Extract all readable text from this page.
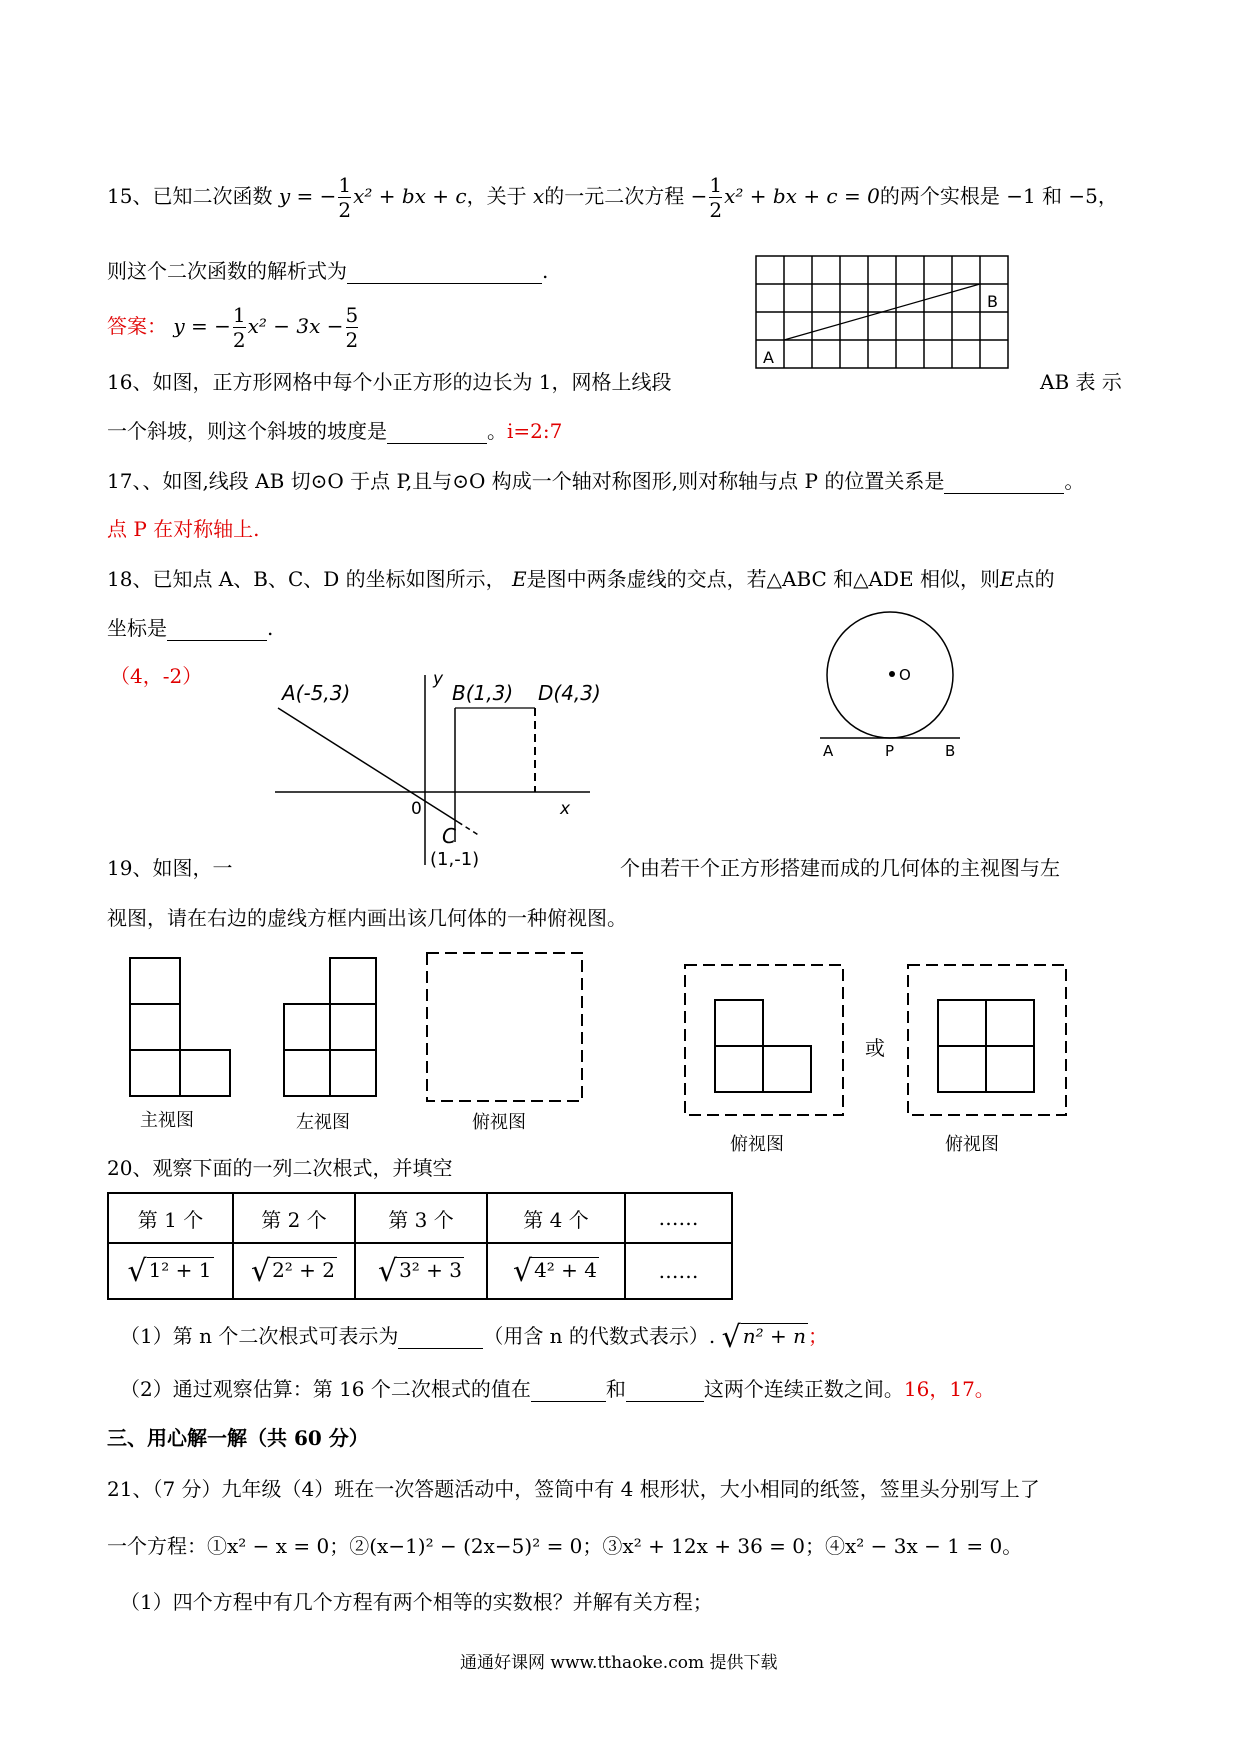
15、已知二次函数 y = − $\frac{1}{2} x^2$ + bx + c，关于 x的一元二次方程 − $\frac{1}{2} x^2$ + bx + c = 0的两个实根是 −1 和 −5，
则这个二次函数的解析式为	.
答案： y = − $\frac{1}{2} x^2 - 3x - \frac{5}{2}$
A
B
16、如图，正方形网格中每个小正方形的边长为 1，网格上线段	AB 表 示
一个斜坡，则这个斜坡的坡度是	。i=2:7
17、、如图,线段 AB 切⊙O 于点 P,且与⊙O 构成一个轴对称图形,则对称轴与点 P 的位置关系是	。
点 P 在对称轴上.
18、已知点 A、B、C、D 的坐标如图所示， E是图中两条虚线的交点，若△ABC 和△ADE 相似，则E点的
坐标是	.
（4，-2）	O
A	P	B
A(-5,3)
y
B(1,3) D(4,3)
0	x
C
(1,-1)
19、如图，一	个由若干个正方形搭建而成的几何体的主视图与左
视图，请在右边的虚线方框内画出该几何体的一种俯视图。
主视图	左视图	俯视图
或
俯视图	俯视图
20、观察下面的一列二次根式，并填空
第 1 个	第 2 个	第 3 个	第 4 个	……
√ 1² + 1	√ 2² + 2	√ 3² + 3	√ 4² + 4	……
（1）第 n 个二次根式可表示为	（用含 n 的代数式表示）. √ n² + n ；
（2）通过观察估算：第 16 个二次根式的值在	和	这两个连续正数之间。16，17。
三、用心解一解（共 60 分）
21、（7 分）九年级（4）班在一次答题活动中，签筒中有 4 根形状，大小相同的纸签，签里头分别写上了
一个方程：①x² − x = 0；②(x−1)² − (2x−5)² = 0；③x² + 12x + 36 = 0；④x² − 3x − 1 = 0。
（1）四个方程中有几个方程有两个相等的实数根？并解有关方程；
通通好课网 www.tthaoke.com 提供下载
